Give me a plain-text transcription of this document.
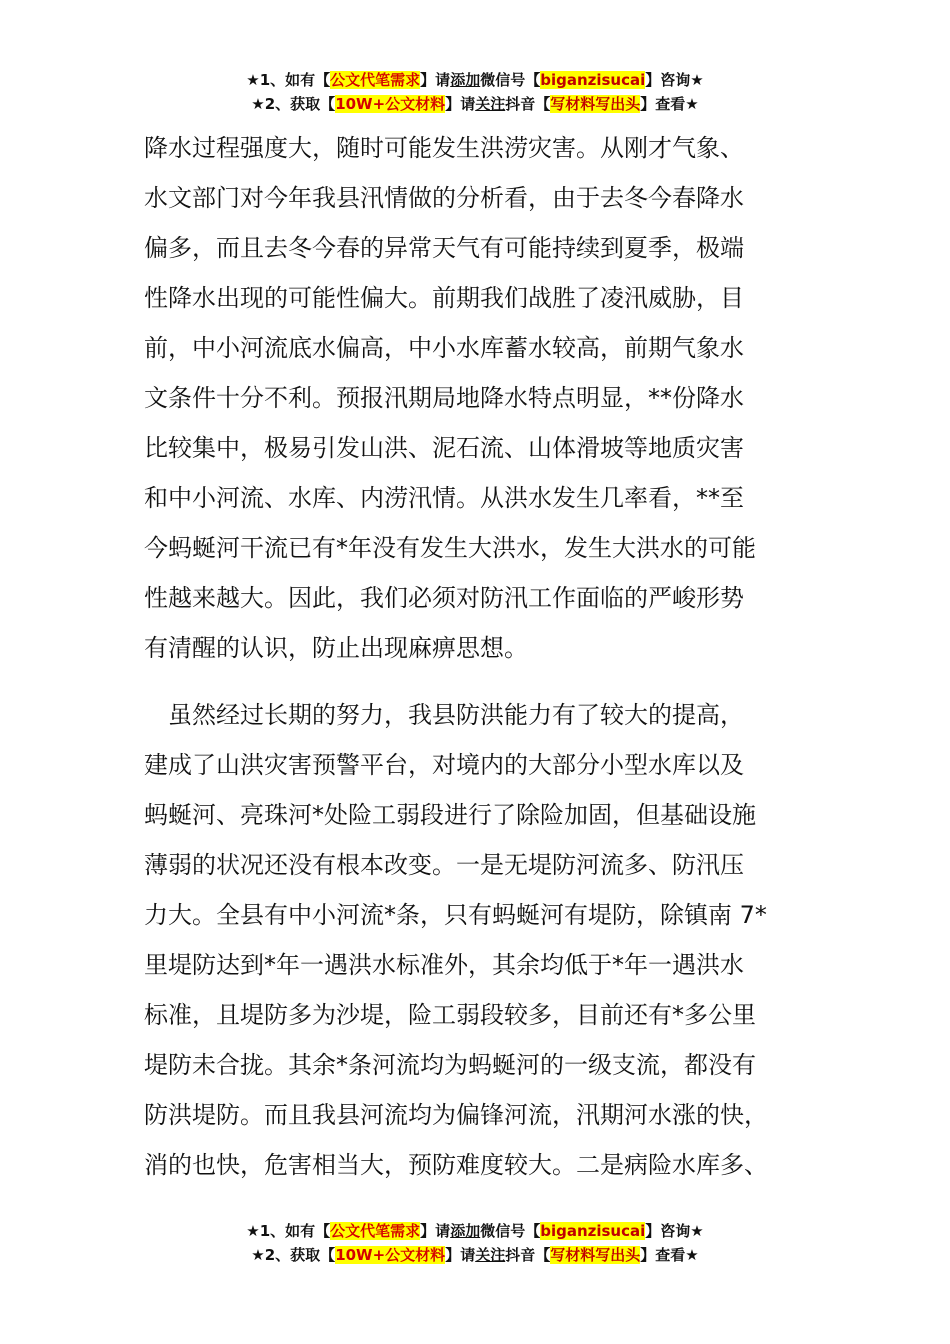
★1、如有【公文代笔需求】请添加微信号【biganzisucai】咨询★
★2、获取【10W+公文材料】请关注抖音【写材料写出头】查看★

降水过程强度大，随时可能发生洪涝灾害。从刚才气象、

水文部门对今年我县汛情做的分析看，由于去冬今春降水

偏多，而且去冬今春的异常天气有可能持续到夏季，极端

性降水出现的可能性偏大。前期我们战胜了凌汛威胁，目

前，中小河流底水偏高，中小水库蓄水较高，前期气象水

文条件十分不利。预报汛期局地降水特点明显，**份降水

比较集中，极易引发山洪、泥石流、山体滑坡等地质灾害

和中小河流、水库、内涝汛情。从洪水发生几率看，**至

今蚂蜒河干流已有*年没有发生大洪水，发生大洪水的可能

性越来越大。因此，我们必须对防汛工作面临的严峻形势

有清醒的认识，防止出现麻痹思想。

　虽然经过长期的努力，我县防洪能力有了较大的提高，

建成了山洪灾害预警平台，对境内的大部分小型水库以及

蚂蜒河、亮珠河*处险工弱段进行了除险加固，但基础设施

薄弱的状况还没有根本改变。一是无堤防河流多、防汛压

力大。全县有中小河流*条，只有蚂蜒河有堤防，除镇南 7*

里堤防达到*年一遇洪水标准外，其余均低于*年一遇洪水

标准，且堤防多为沙堤，险工弱段较多，目前还有*多公里

堤防未合拢。其余*条河流均为蚂蜒河的一级支流，都没有

防洪堤防。而且我县河流均为偏锋河流，汛期河水涨的快，

消的也快，危害相当大，预防难度较大。二是病险水库多、

★1、如有【公文代笔需求】请添加微信号【biganzisucai】咨询★
★2、获取【10W+公文材料】请关注抖音【写材料写出头】查看★
